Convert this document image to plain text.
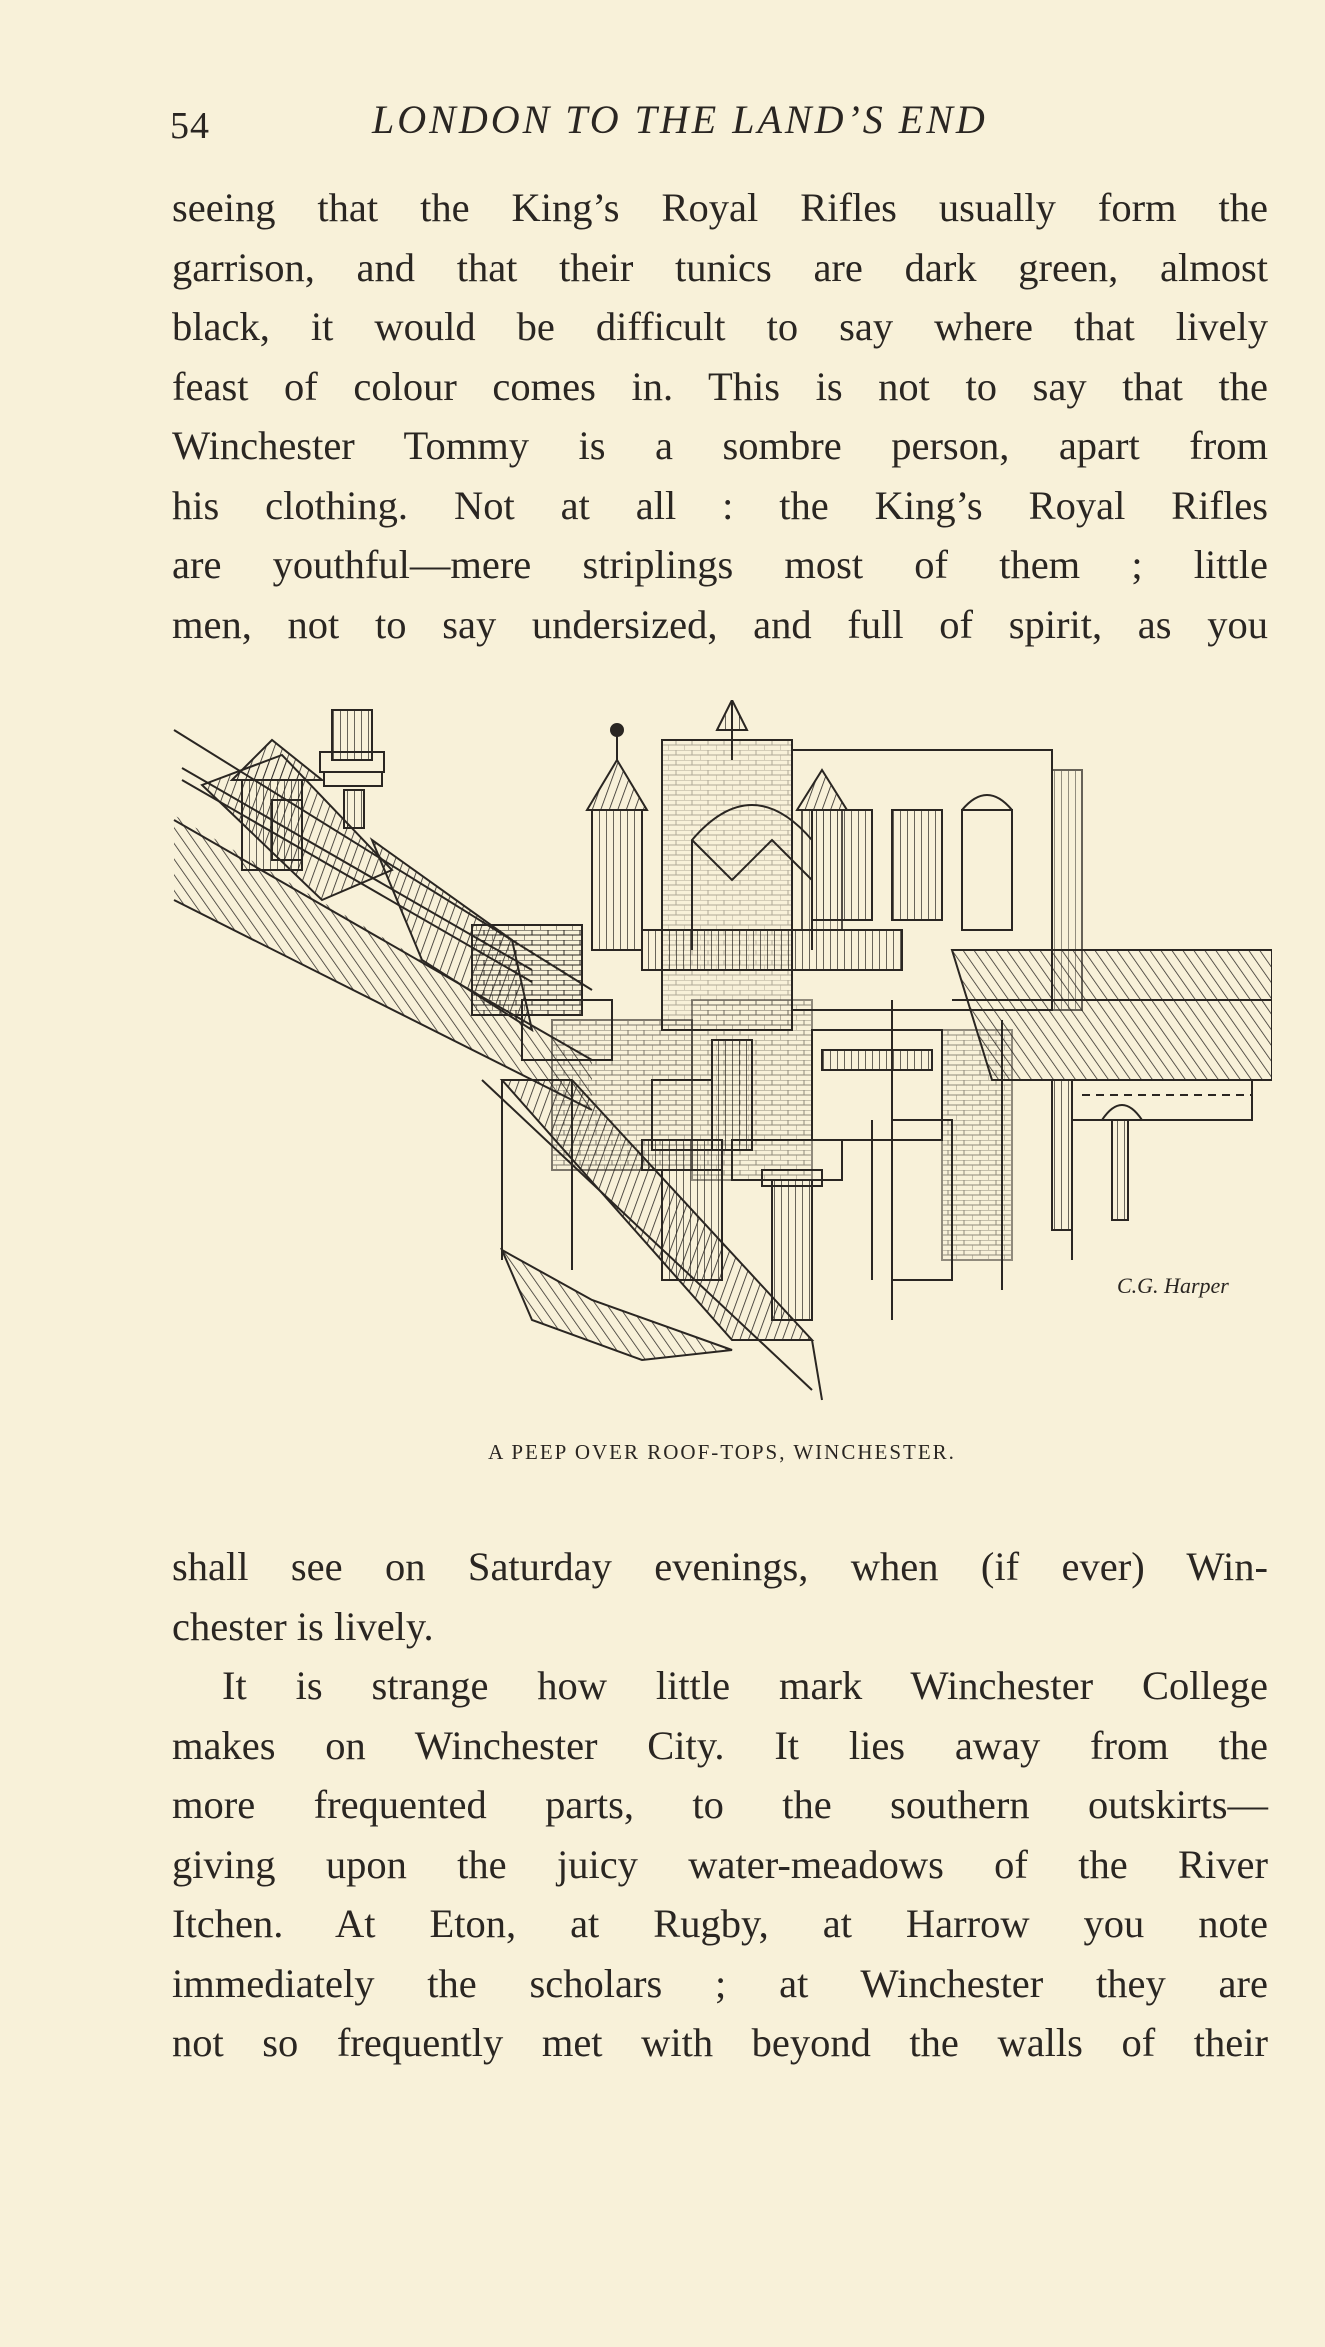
54	LONDON TO THE LAND’S END
seeing that the King’s Royal Rifles usually form the
garrison, and that their tunics are dark green, almost
black, it would be difficult to say where that lively
feast of colour comes in. This is not to say that the
Winchester Tommy is a sombre person, apart from
his clothing. Not at all : the King’s Royal Rifles
are youthful—mere striplings most of them ; little
men, not to say undersized, and full of spirit, as you
C.G. Harper
A PEEP OVER ROOF-TOPS, WINCHESTER.
shall see on Saturday evenings, when (if ever) Win-
chester is lively.
It is strange how little mark Winchester College
makes on Winchester City. It lies away from the
more frequented parts, to the southern outskirts—
giving upon the juicy water-meadows of the River
Itchen. At Eton, at Rugby, at Harrow you note
immediately the scholars ; at Winchester they are
not so frequently met with beyond the walls of their
